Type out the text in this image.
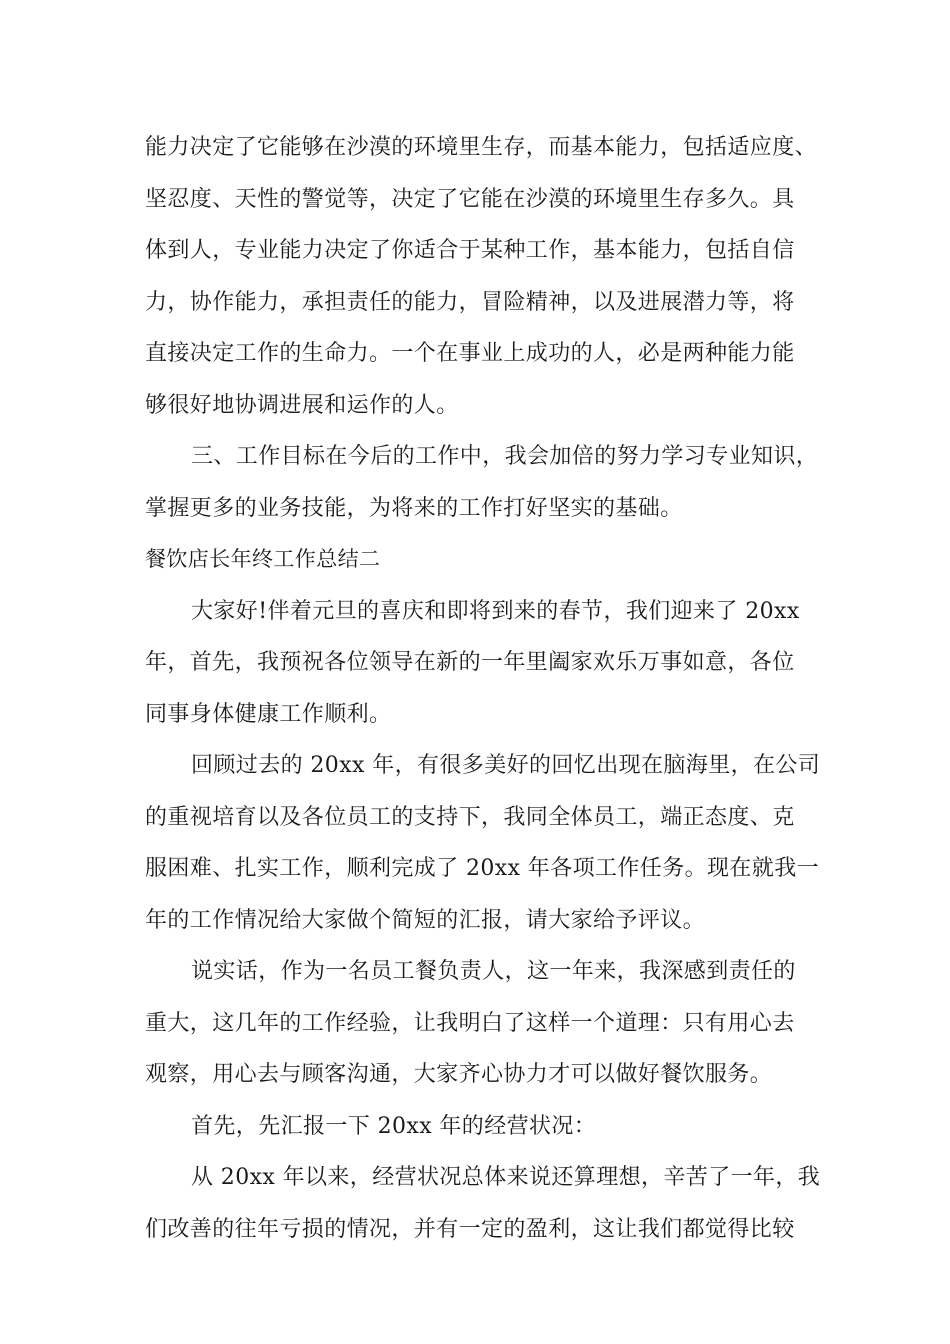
能力决定了它能够在沙漠的环境里生存，而基本能力，包括适应度、
坚忍度、天性的警觉等，决定了它能在沙漠的环境里生存多久。具
体到人，专业能力决定了你适合于某种工作，基本能力，包括自信
力，协作能力，承担责任的能力，冒险精神，以及进展潜力等，将
直接决定工作的生命力。一个在事业上成功的人，必是两种能力能
够很好地协调进展和运作的人。
三、工作目标在今后的工作中，我会加倍的努力学习专业知识，
掌握更多的业务技能，为将来的工作打好坚实的基础。
餐饮店长年终工作总结二
大家好!伴着元旦的喜庆和即将到来的春节，我们迎来了 20xx
年，首先，我预祝各位领导在新的一年里阖家欢乐万事如意，各位
同事身体健康工作顺利。
回顾过去的 20xx 年，有很多美好的回忆出现在脑海里，在公司
的重视培育以及各位员工的支持下，我同全体员工，端正态度、克
服困难、扎实工作，顺利完成了 20xx 年各项工作任务。现在就我一
年的工作情况给大家做个简短的汇报，请大家给予评议。
说实话，作为一名员工餐负责人，这一年来，我深感到责任的
重大，这几年的工作经验，让我明白了这样一个道理：只有用心去
观察，用心去与顾客沟通，大家齐心协力才可以做好餐饮服务。
首先，先汇报一下 20xx 年的经营状况：
从 20xx 年以来，经营状况总体来说还算理想，辛苦了一年，我
们改善的往年亏损的情况，并有一定的盈利，这让我们都觉得比较
